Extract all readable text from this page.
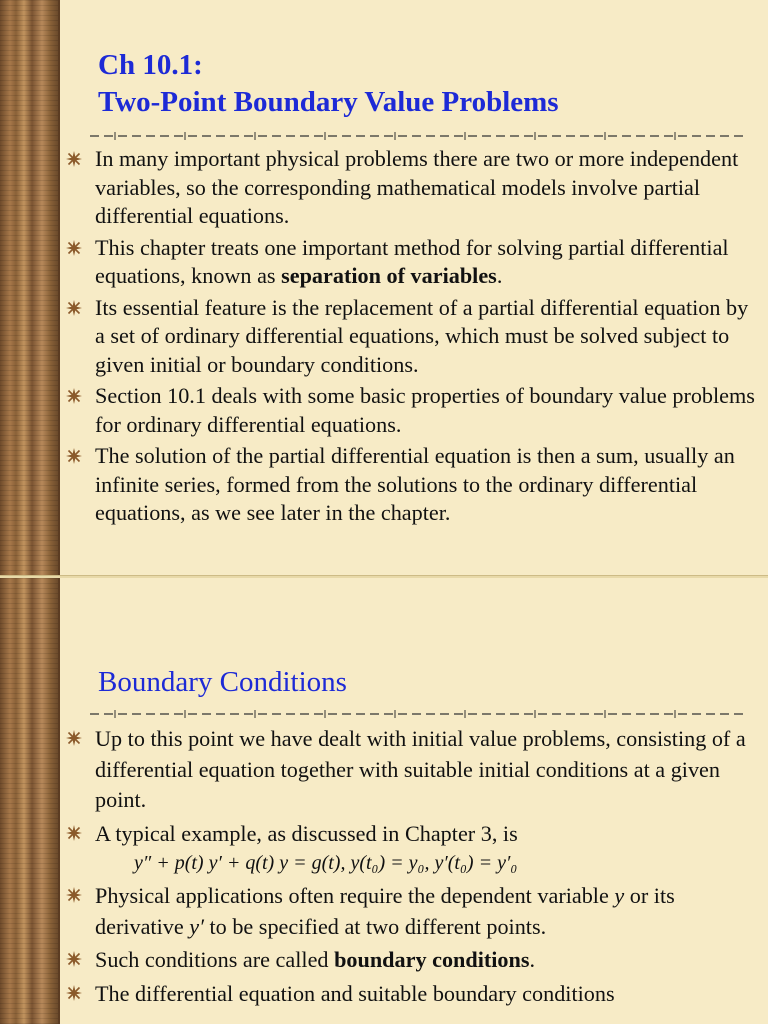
Ch 10.1:
Two-Point Boundary Value Problems
In many important physical problems there are two or more independent variables, so the corresponding mathematical models involve partial differential equations.
This chapter treats one important method for solving partial differential equations, known as separation of variables.
Its essential feature is the replacement of a partial differential equation by a set of ordinary differential equations, which must be solved subject to given initial or boundary conditions.
Section 10.1 deals with some basic properties of boundary value problems for ordinary differential equations.
The solution of the partial differential equation is then a sum, usually an infinite series, formed from the solutions to the ordinary differential equations, as we see later in the chapter.
Boundary Conditions
Up to this point we have dealt with initial value problems, consisting of a differential equation together with suitable initial conditions at a given point.
A typical example, as discussed in Chapter 3, is
y″ + p(t) y′ + q(t) y = g(t), y(t₀) = y₀, y′(t₀) = y′₀
Physical applications often require the dependent variable y or its derivative y′ to be specified at two different points.
Such conditions are called boundary conditions.
The differential equation and suitable boundary conditions
